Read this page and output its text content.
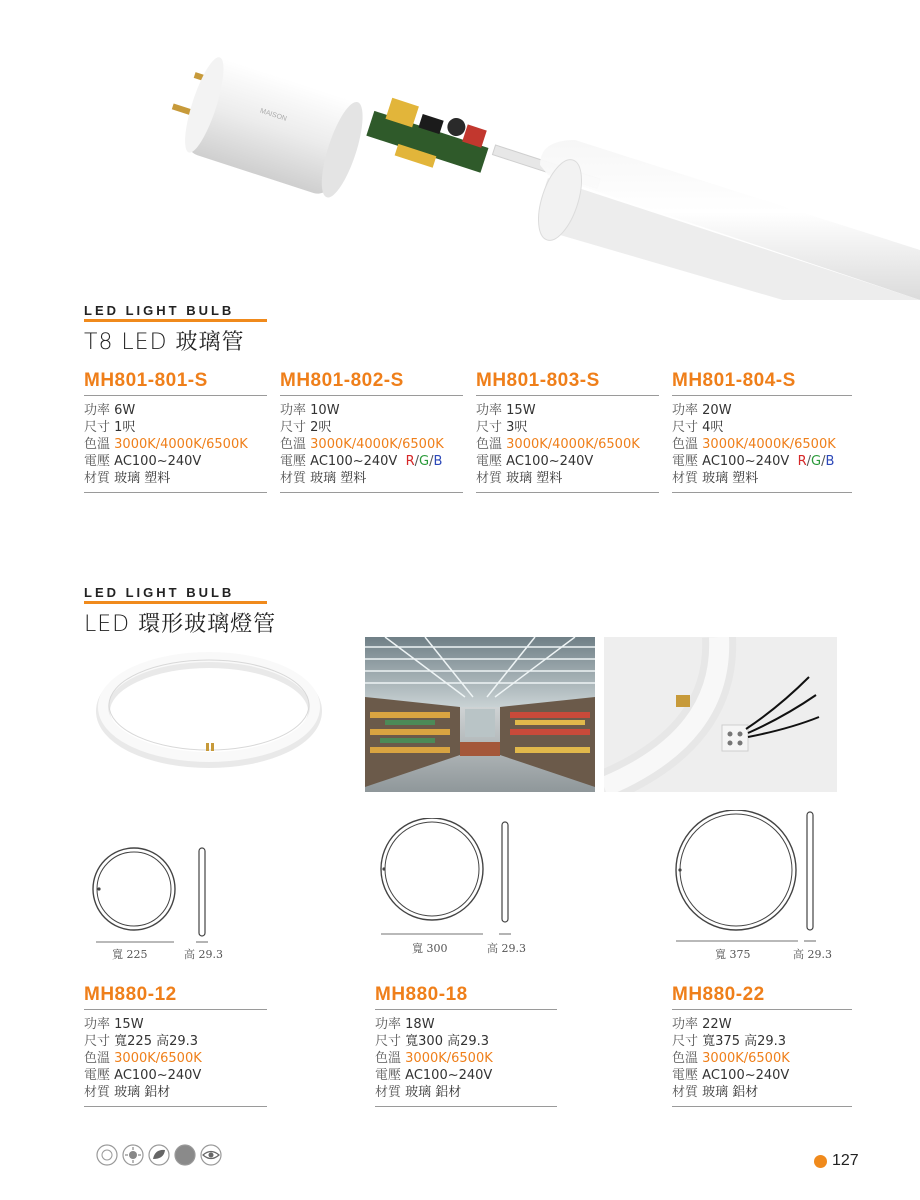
MAISON
LED LIGHT BULB
T8 LED 玻璃管
MH801-801-S
功率 6W
尺寸 1呎
色溫 3000K/4000K/6500K
電壓 AC100~240V
材質 玻璃 塑料
MH801-802-S
功率 10W
尺寸 2呎
色溫 3000K/4000K/6500K
電壓 AC100~240V R/G/B
材質 玻璃 塑料
MH801-803-S
功率 15W
尺寸 3呎
色溫 3000K/4000K/6500K
電壓 AC100~240V
材質 玻璃 塑料
MH801-804-S
功率 20W
尺寸 4呎
色溫 3000K/4000K/6500K
電壓 AC100~240V R/G/B
材質 玻璃 塑料
LED LIGHT BULB
LED 環形玻璃燈管
寬 225	高 29.3	寬 300	高 29.3	寬 375	高 29.3
MH880-12
功率 15W
尺寸 寬225 高29.3
色溫 3000K/6500K
電壓 AC100~240V
材質 玻璃 鋁材
MH880-18
功率 18W
尺寸 寬300 高29.3
色溫 3000K/6500K
電壓 AC100~240V
材質 玻璃 鋁材
MH880-22
功率 22W
尺寸 寬375 高29.3
色溫 3000K/6500K
電壓 AC100~240V
材質 玻璃 鋁材
127
